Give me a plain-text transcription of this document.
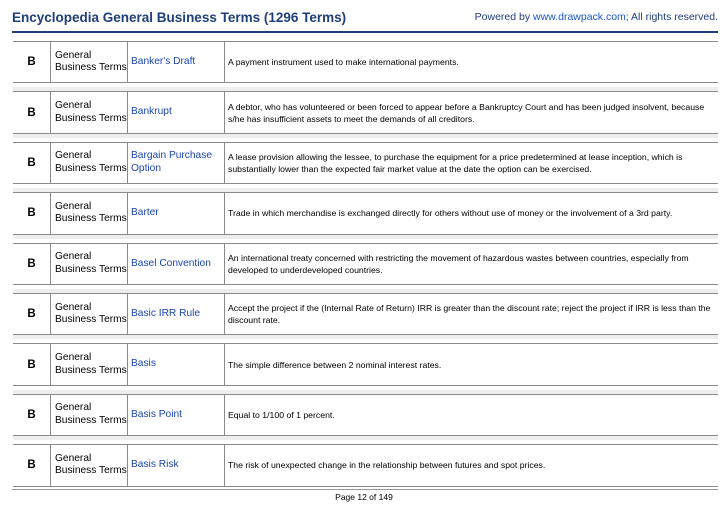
Encyclopedia General Business Terms (1296 Terms)	Powered by www.drawpack.com; All rights reserved.
B
General Business Terms
Banker's Draft	A payment instrument used to make international payments.
B
General Business Terms
Bankrupt	A debtor, who has volunteered or been forced to appear before a Bankruptcy Court and has been judged insolvent, because s/he has insufficient assets to meet the demands of all creditors.
B
General Business Terms
Bargain Purchase Option
A lease provision allowing the lessee, to purchase the equipment for a price predetermined at lease inception, which is substantially lower than the expected fair market value at the date the option can be exercised.
B
General Business Terms
Barter	Trade in which merchandise is exchanged directly for others without use of money or the involvement of a 3rd party.
B
General Business Terms
Basel Convention	An international treaty concerned with restricting the movement of hazardous wastes between countries, especially from developed to underdeveloped countries.
B
General Business Terms
Basic IRR Rule	Accept the project if the (Internal Rate of Return) IRR is greater than the discount rate; reject the project if IRR is less than the discount rate.
B
General Business Terms
Basis	The simple difference between 2 nominal interest rates.
B
General Business Terms
Basis Point	Equal to 1/100 of 1 percent.
B
General Business Terms
Basis Risk	The risk of unexpected change in the relationship between futures and spot prices.
Page 12 of 149
